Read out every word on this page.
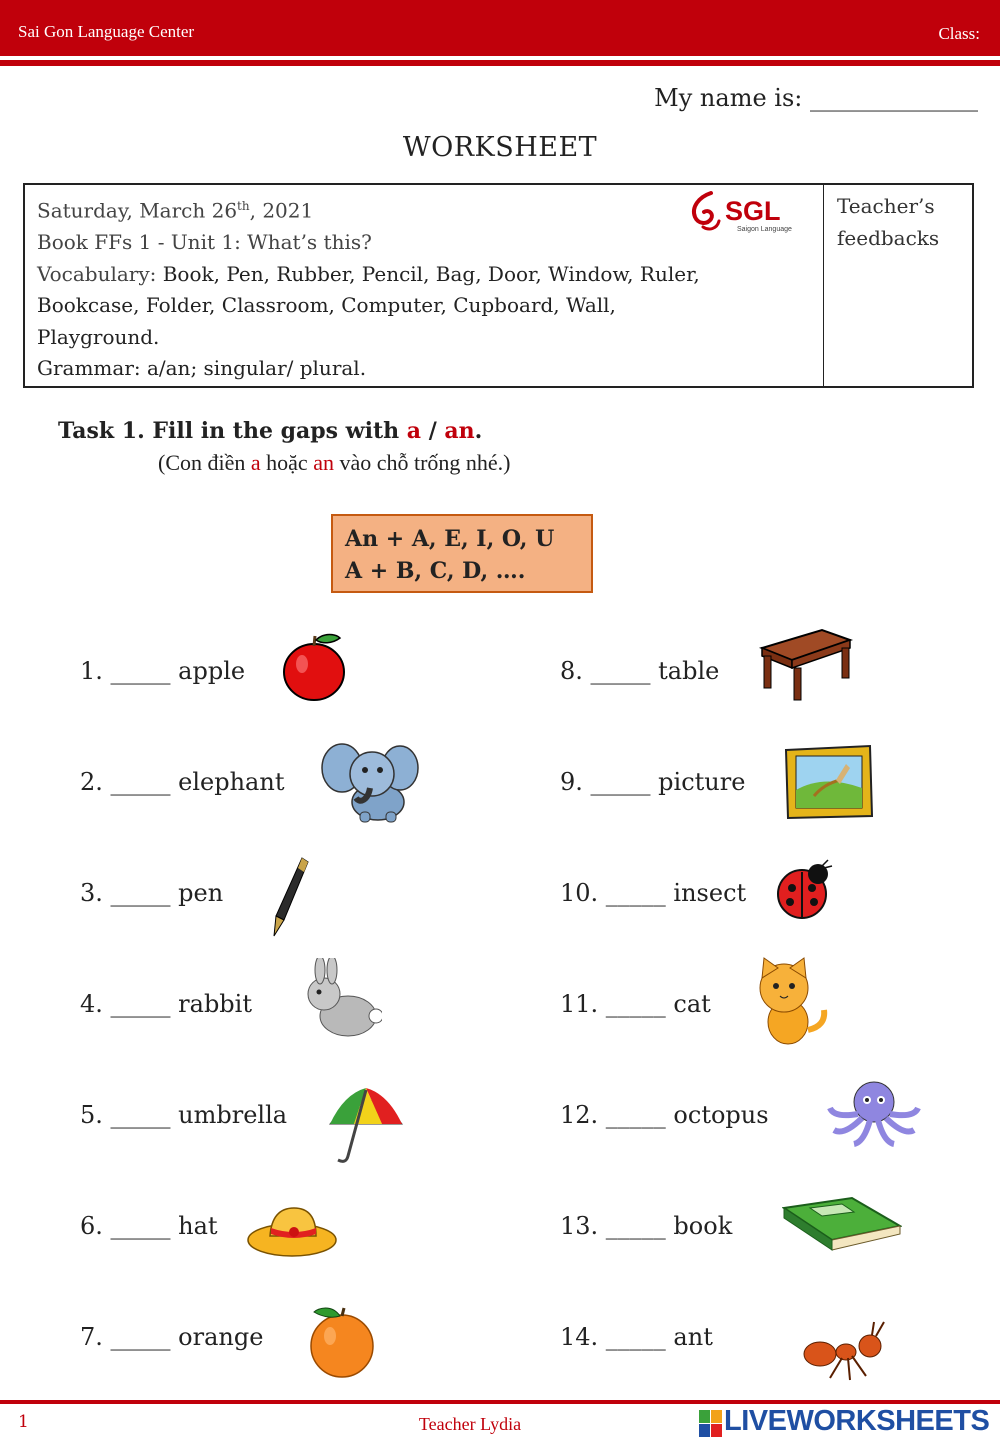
Sai Gon Language Center	Class:
My name is: ______________
WORKSHEET
Saturday, March 26th, 2021
Book FFs 1 - Unit 1: What’s this?
Vocabulary: Book, Pen, Rubber, Pencil, Bag, Door, Window, Ruler,
Bookcase, Folder, Classroom, Computer, Cupboard, Wall,
Playground.
Grammar: a/an; singular/ plural.
SGL
Saigon Language
Teacher’s
feedbacks
Task 1. Fill in the gaps with a / an.
(Con điền a hoặc an vào chỗ trống nhé.)
An + A, E, I, O, U
A + B, C, D, ….
1. _____ apple
2. _____ elephant
3. _____ pen
4. _____ rabbit
5. _____ umbrella
6. _____ hat
7. _____ orange
8. _____ table
9. _____ picture
10. _____ insect
11. _____ cat
12. _____ octopus
13. _____ book
14. _____ ant
1	Teacher Lydia	LIVEWORKSHEETS
